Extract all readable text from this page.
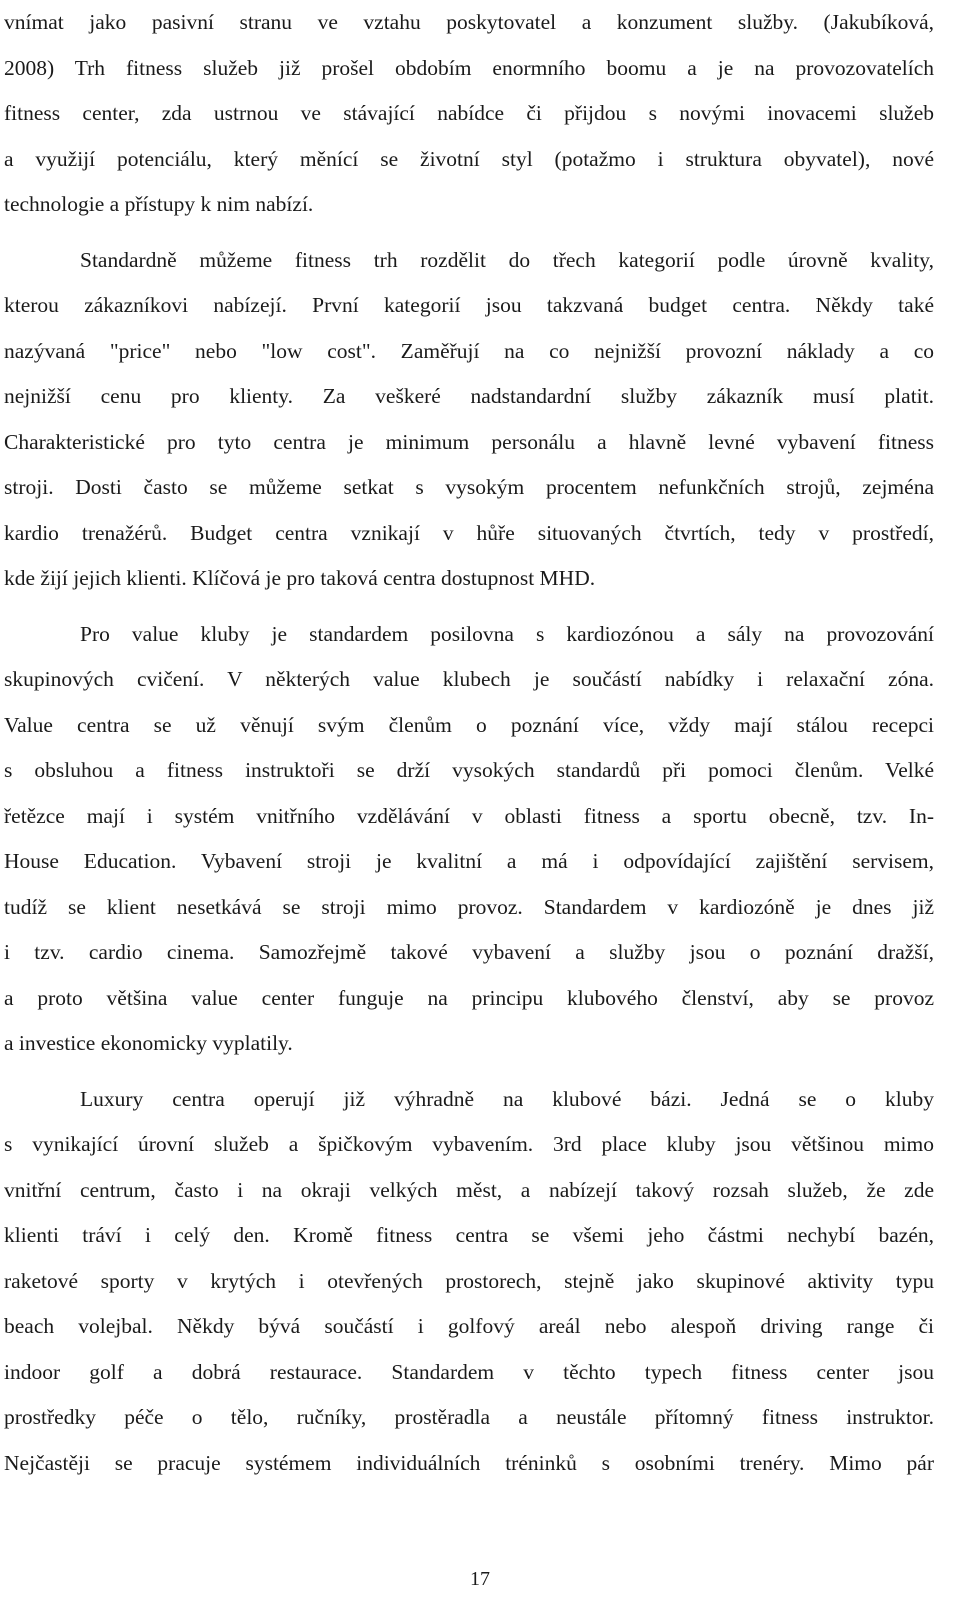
vnímat jako pasivní stranu ve vztahu poskytovatel a konzument služby. (Jakubíková,
2008) Trh fitness služeb již prošel obdobím enormního boomu a je na provozovatelích
fitness center, zda ustrnou ve stávající nabídce či přijdou s novými inovacemi služeb
a využijí potenciálu, který měnící se životní styl (potažmo i struktura obyvatel), nové
technologie a přístupy k nim nabízí.
Standardně můžeme fitness trh rozdělit do třech kategorií podle úrovně kvality,
kterou zákazníkovi nabízejí. První kategorií jsou takzvaná budget centra. Někdy také
nazývaná "price" nebo "low cost". Zaměřují na co nejnižší provozní náklady a co
nejnižší cenu pro klienty. Za veškeré nadstandardní služby zákazník musí platit.
Charakteristické pro tyto centra je minimum personálu a hlavně levné vybavení fitness
stroji. Dosti často se můžeme setkat s vysokým procentem nefunkčních strojů, zejména
kardio trenažérů. Budget centra vznikají v hůře situovaných čtvrtích, tedy v prostředí,
kde žijí jejich klienti. Klíčová je pro taková centra dostupnost MHD.
Pro value kluby je standardem posilovna s kardiozónou a sály na provozování
skupinových cvičení. V některých value klubech je součástí nabídky i relaxační zóna.
Value centra se už věnují svým členům o poznání více, vždy mají stálou recepci
s obsluhou a fitness instruktoři se drží vysokých standardů při pomoci členům. Velké
řetězce mají i systém vnitřního vzdělávání v oblasti fitness a sportu obecně, tzv. In-
House Education. Vybavení stroji je kvalitní a má i odpovídající zajištění servisem,
tudíž se klient nesetkává se stroji mimo provoz. Standardem v kardiozóně je dnes již
i tzv. cardio cinema. Samozřejmě takové vybavení a služby jsou o poznání dražší,
a proto většina value center funguje na principu klubového členství, aby se provoz
a investice ekonomicky vyplatily.
Luxury centra operují již výhradně na klubové bázi. Jedná se o kluby
s vynikající úrovní služeb a špičkovým vybavením. 3rd place kluby jsou většinou mimo
vnitřní centrum, často i na okraji velkých měst, a nabízejí takový rozsah služeb, že zde
klienti tráví i celý den. Kromě fitness centra se všemi jeho částmi nechybí bazén,
raketové sporty v krytých i otevřených prostorech, stejně jako skupinové aktivity typu
beach volejbal. Někdy bývá součástí i golfový areál nebo alespoň driving range či
indoor golf a dobrá restaurace. Standardem v těchto typech fitness center jsou
prostředky péče o tělo, ručníky, prostěradla a neustále přítomný fitness instruktor.
Nejčastěji se pracuje systémem individuálních tréninků s osobními trenéry. Mimo pár
17
